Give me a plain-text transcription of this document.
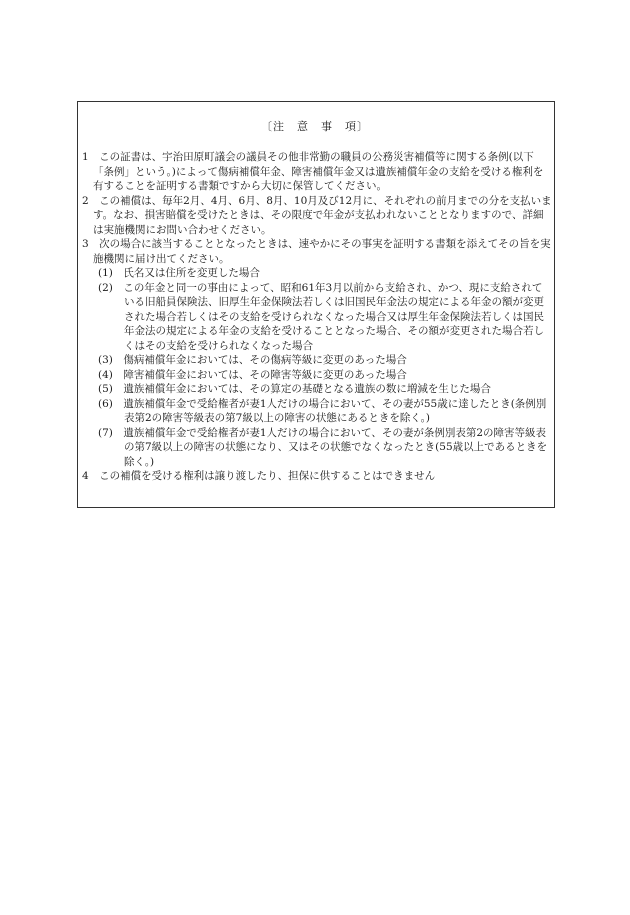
〔注　意　事　項〕
1　この証書は、宇治田原町議会の議員その他非常勤の職員の公務災害補償等に関する条例(以下「条例」という。)によって傷病補償年金、障害補償年金又は遺族補償年金の支給を受ける権利を有することを証明する書類ですから大切に保管してください。
2　この補償は、毎年2月、4月、6月、8月、10月及び12月に、それぞれの前月までの分を支払います。なお、損害賠償を受けたときは、その限度で年金が支払われないこととなりますので、詳細は実施機関にお問い合わせください。
3　次の場合に該当することとなったときは、速やかにその事実を証明する書類を添えてその旨を実施機関に届け出てください。
(1)　氏名又は住所を変更した場合
(2)　この年金と同一の事由によって、昭和61年3月以前から支給され、かつ、現に支給されている旧船員保険法、旧厚生年金保険法若しくは旧国民年金法の規定による年金の額が変更された場合若しくはその支給を受けられなくなった場合又は厚生年金保険法若しくは国民年金法の規定による年金の支給を受けることとなった場合、その額が変更された場合若しくはその支給を受けられなくなった場合
(3)　傷病補償年金においては、その傷病等級に変更のあった場合
(4)　障害補償年金においては、その障害等級に変更のあった場合
(5)　遺族補償年金においては、その算定の基礎となる遺族の数に増減を生じた場合
(6)　遺族補償年金で受給権者が妻1人だけの場合において、その妻が55歳に達したとき(条例別表第2の障害等級表の第7級以上の障害の状態にあるときを除く。)
(7)　遺族補償年金で受給権者が妻1人だけの場合において、その妻が条例別表第2の障害等級表の第7級以上の障害の状態になり、又はその状態でなくなったとき(55歳以上であるときを除く。)
4　この補償を受ける権利は譲り渡したり、担保に供することはできません
